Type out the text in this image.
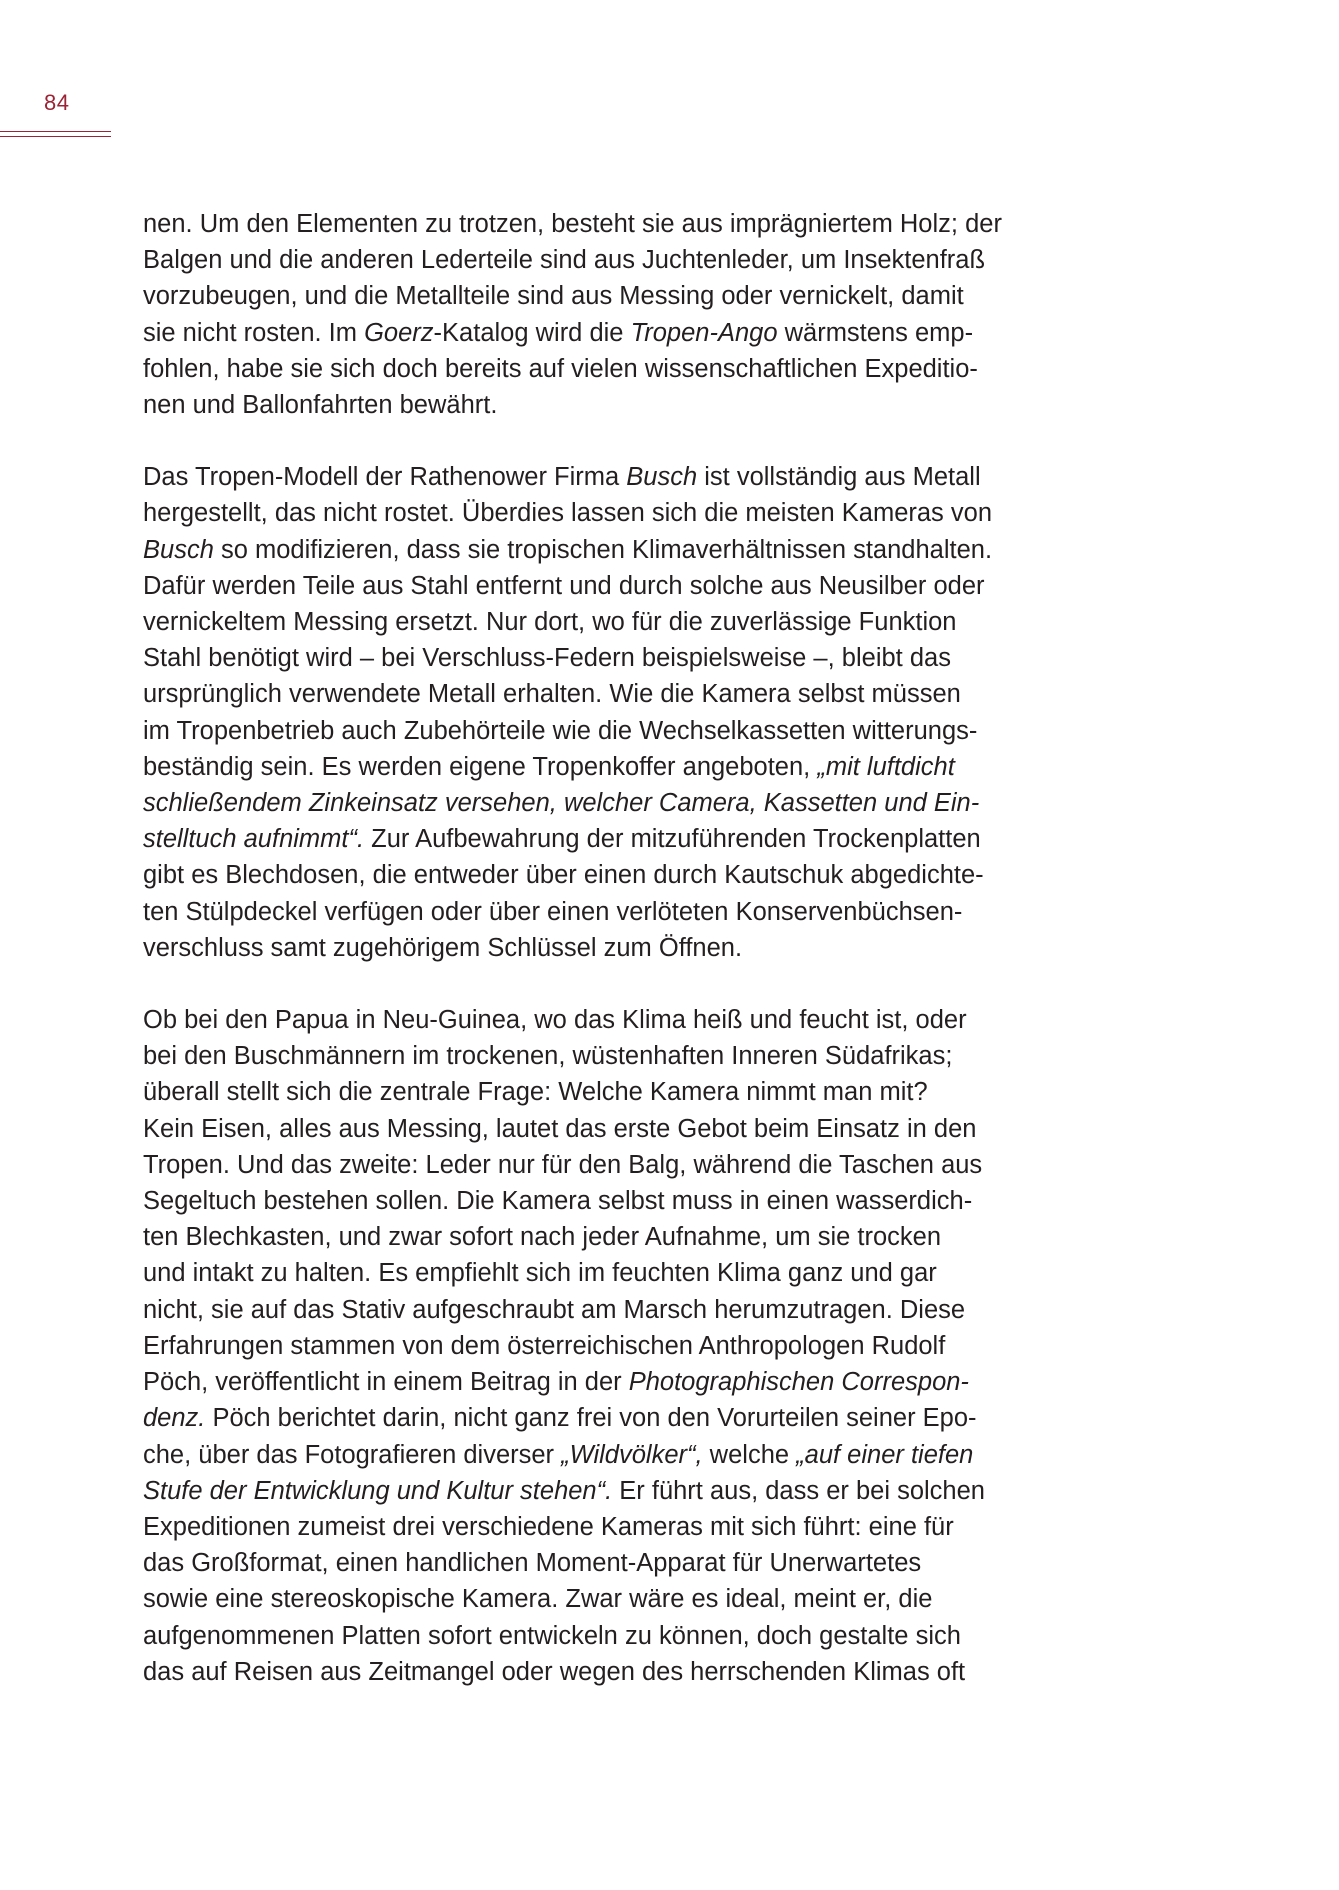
84

nen. Um den Elementen zu trotzen, besteht sie aus imprägniertem Holz; der
Balgen und die anderen Lederteile sind aus Juchtenleder, um Insektenfraß
vorzubeugen, und die Metallteile sind aus Messing oder vernickelt, damit
sie nicht rosten. Im Goerz-Katalog wird die Tropen-Ango wärmstens emp-
fohlen, habe sie sich doch bereits auf vielen wissenschaftlichen Expeditio-
nen und Ballonfahrten bewährt.

Das Tropen-Modell der Rathenower Firma Busch ist vollständig aus Metall
hergestellt, das nicht rostet. Überdies lassen sich die meisten Kameras von
Busch so modifizieren, dass sie tropischen Klimaverhältnissen standhalten.
Dafür werden Teile aus Stahl entfernt und durch solche aus Neusilber oder
vernickeltem Messing ersetzt. Nur dort, wo für die zuverlässige Funktion
Stahl benötigt wird – bei Verschluss-Federn beispielsweise –, bleibt das
ursprünglich verwendete Metall erhalten. Wie die Kamera selbst müssen
im Tropenbetrieb auch Zubehörteile wie die Wechselkassetten witterungs-
beständig sein. Es werden eigene Tropenkoffer angeboten, „mit luftdicht
schließendem Zinkeinsatz versehen, welcher Camera, Kassetten und Ein-
stelltuch aufnimmt“. Zur Aufbewahrung der mitzuführenden Trockenplatten
gibt es Blechdosen, die entweder über einen durch Kautschuk abgedichte-
ten Stülpdeckel verfügen oder über einen verlöteten Konservenbüchsen-
verschluss samt zugehörigem Schlüssel zum Öffnen.

Ob bei den Papua in Neu-Guinea, wo das Klima heiß und feucht ist, oder
bei den Buschmännern im trockenen, wüstenhaften Inneren Südafrikas;
überall stellt sich die zentrale Frage: Welche Kamera nimmt man mit?
Kein Eisen, alles aus Messing, lautet das erste Gebot beim Einsatz in den
Tropen. Und das zweite: Leder nur für den Balg, während die Taschen aus
Segeltuch bestehen sollen. Die Kamera selbst muss in einen wasserdich-
ten Blechkasten, und zwar sofort nach jeder Aufnahme, um sie trocken
und intakt zu halten. Es empfiehlt sich im feuchten Klima ganz und gar
nicht, sie auf das Stativ aufgeschraubt am Marsch herumzutragen. Diese
Erfahrungen stammen von dem österreichischen Anthropologen Rudolf
Pöch, veröffentlicht in einem Beitrag in der Photographischen Correspon-
denz. Pöch berichtet darin, nicht ganz frei von den Vorurteilen seiner Epo-
che, über das Fotografieren diverser „Wildvölker“, welche „auf einer tiefen
Stufe der Entwicklung und Kultur stehen“. Er führt aus, dass er bei solchen
Expeditionen zumeist drei verschiedene Kameras mit sich führt: eine für
das Großformat, einen handlichen Moment-Apparat für Unerwartetes
sowie eine stereoskopische Kamera. Zwar wäre es ideal, meint er, die
aufgenommenen Platten sofort entwickeln zu können, doch gestalte sich
das auf Reisen aus Zeitmangel oder wegen des herrschenden Klimas oft
